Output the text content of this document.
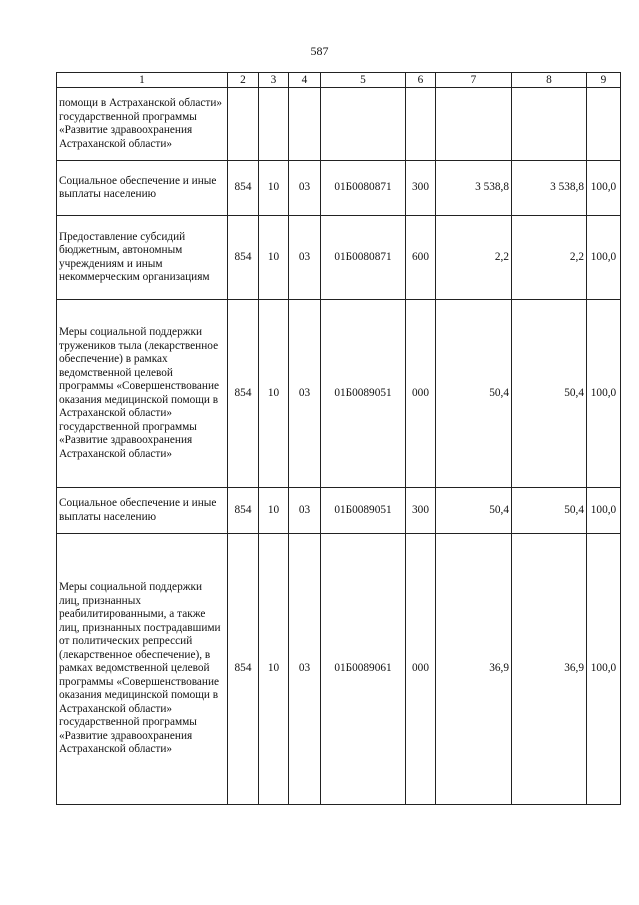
587
1	2	3	4	5	6	7	8	9
помощи в Астраханской области» государственной программы «Развитие здравоохранения Астраханской области»								
Социальное обеспечение и иные выплаты населению	854	10	03	01Б0080871	300	3 538,8	3 538,8	100,0
Предоставление субсидий бюджетным, автономным учреждениям и иным некоммерческим организациям	854	10	03	01Б0080871	600	2,2	2,2	100,0
Меры социальной поддержки тружеников тыла (лекарственное обеспечение) в рамках ведомственной целевой программы «Совершенствование оказания медицинской помощи в Астраханской области» государственной программы «Развитие здравоохранения Астраханской области»	854	10	03	01Б0089051	000	50,4	50,4	100,0
Социальное обеспечение и иные выплаты населению	854	10	03	01Б0089051	300	50,4	50,4	100,0
Меры социальной поддержки лиц, признанных реабилитированными, а также лиц, признанных пострадавшими от политических репрессий (лекарственное обеспечение), в рамках ведомственной целевой программы «Совершенствование оказания медицинской помощи в Астраханской области» государственной программы «Развитие здравоохранения Астраханской области»	854	10	03	01Б0089061	000	36,9	36,9	100,0
